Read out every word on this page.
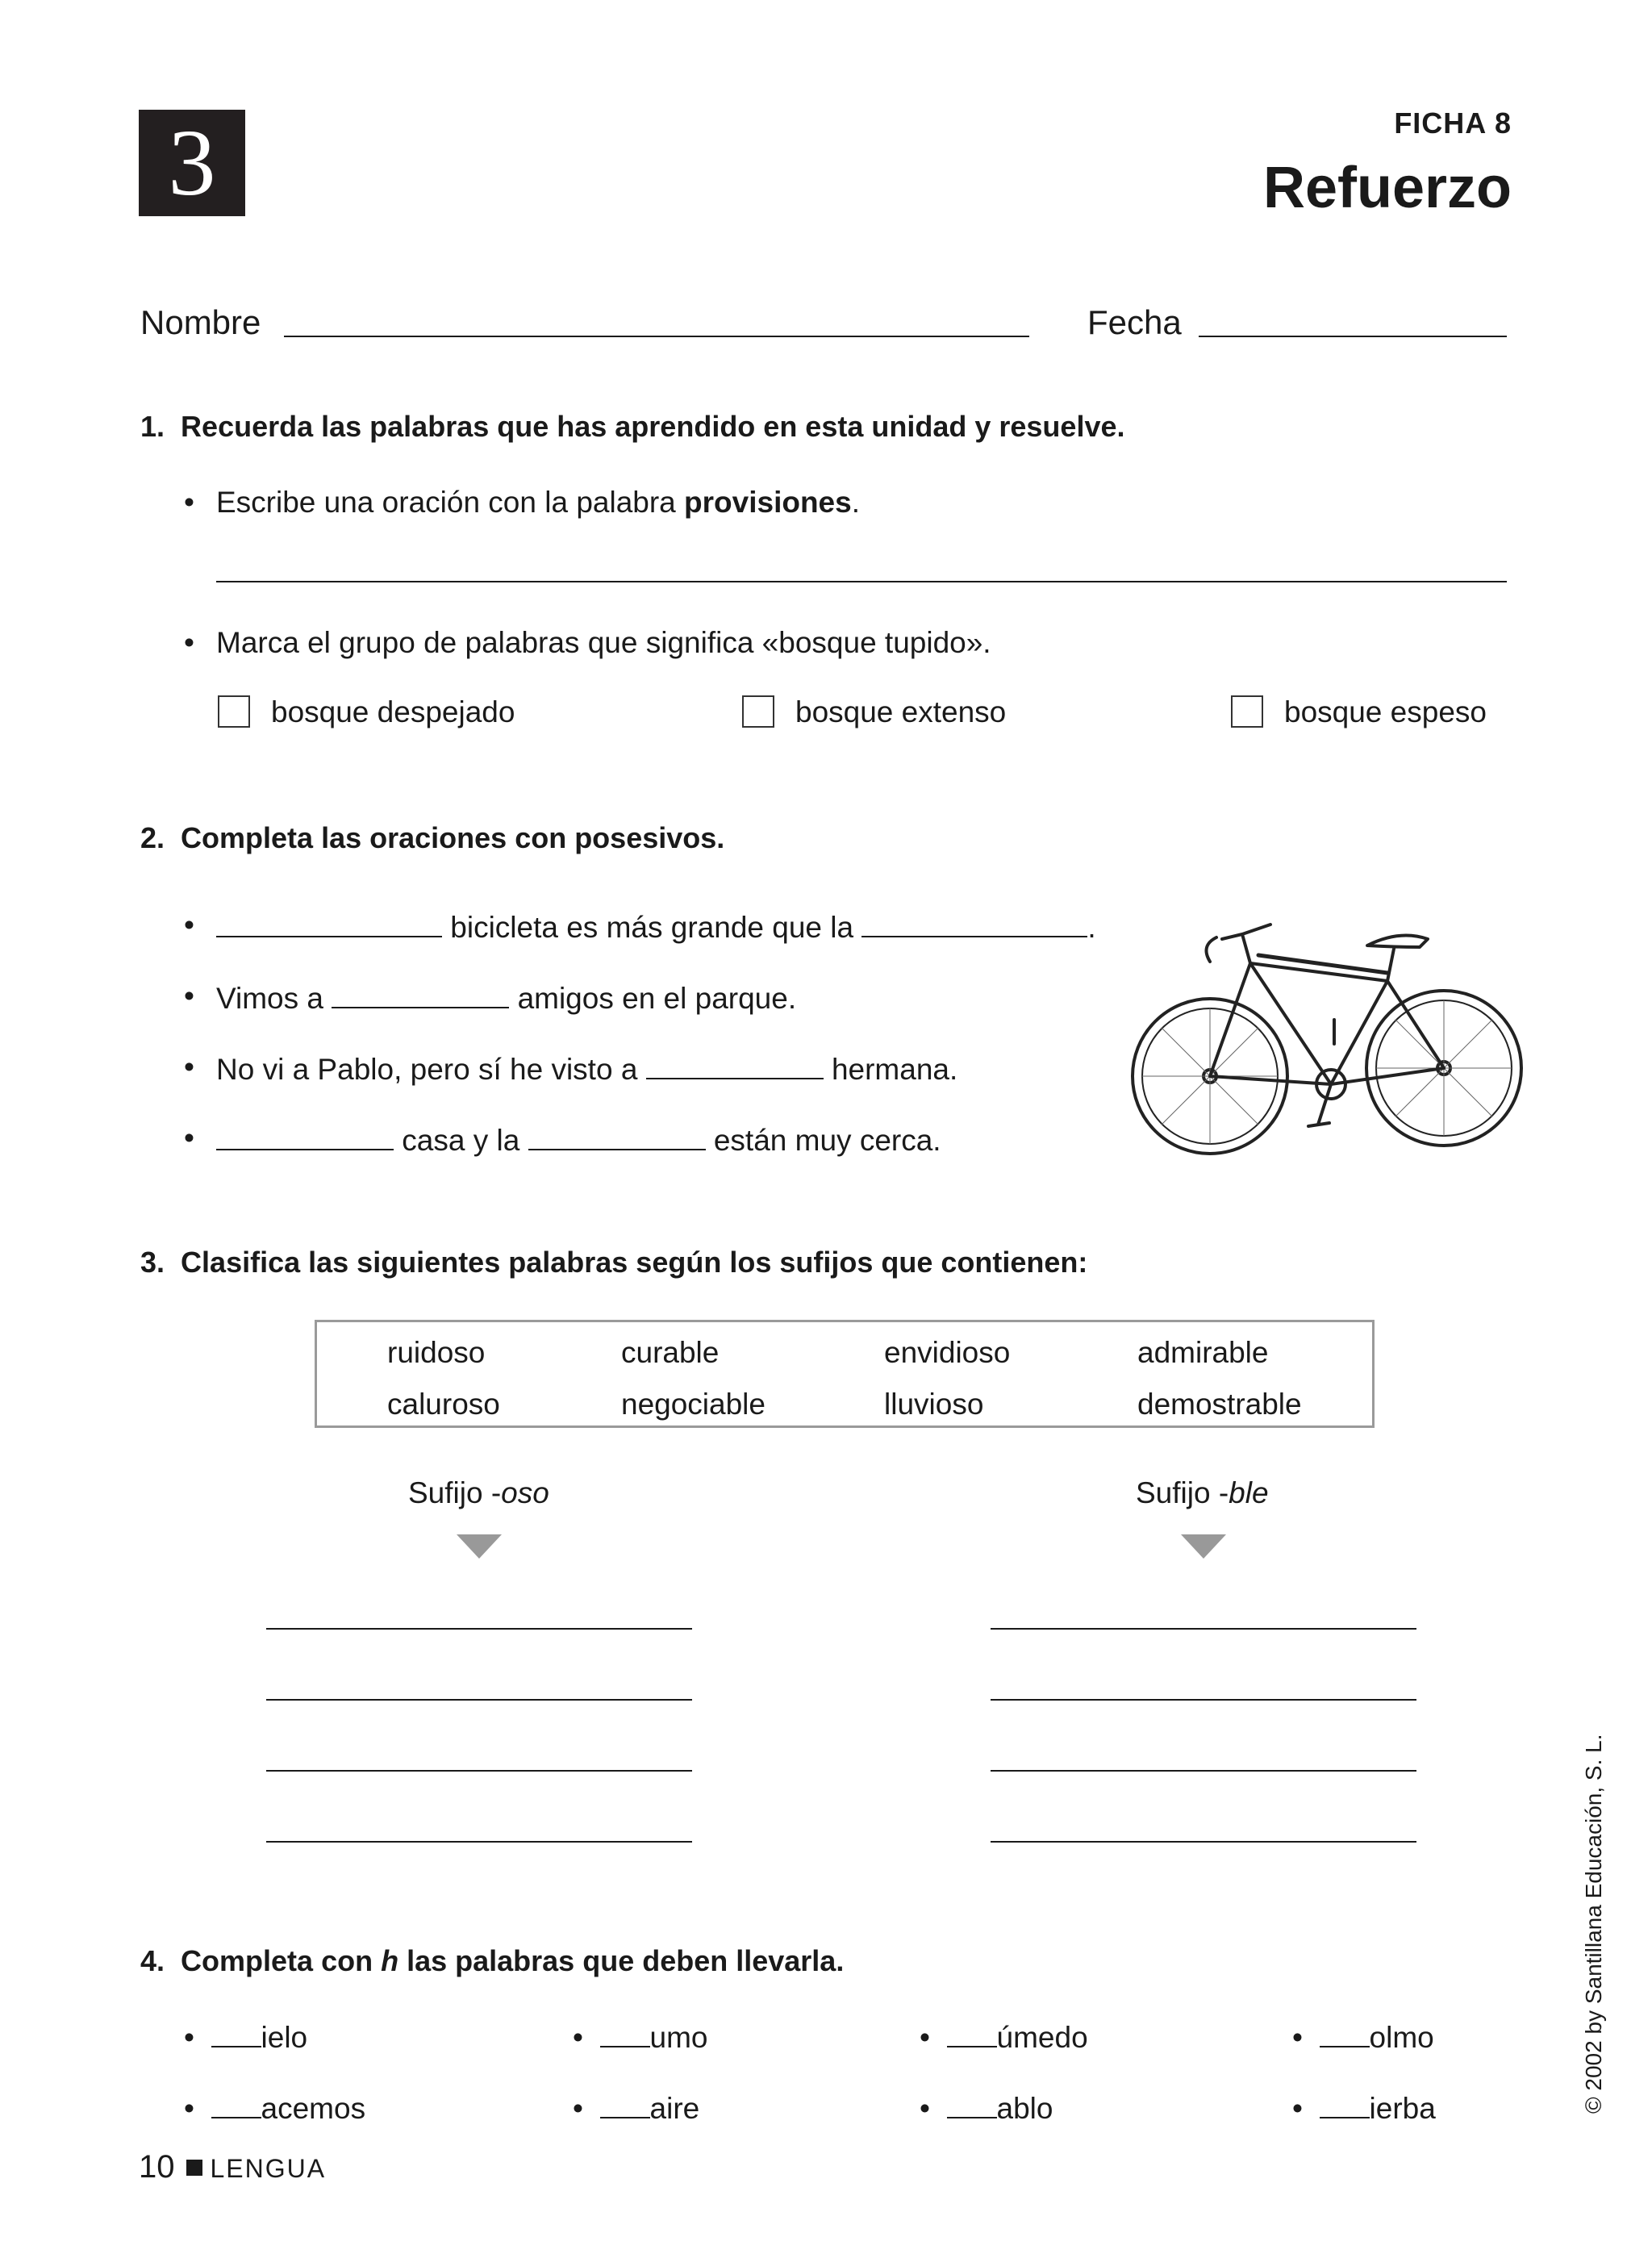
3	FICHA 8
Refuerzo
Nombre	Fecha
1. Recuerda las palabras que has aprendido en esta unidad y resuelve.
• Escribe una oración con la palabra provisiones.
• Marca el grupo de palabras que significa «bosque tupido».
bosque despejado	bosque extenso	bosque espeso
2. Completa las oraciones con posesivos.
•	bicicleta es más grande que la	.
• Vimos a	amigos en el parque.
• No vi a Pablo, pero sí he visto a	hermana.
•	casa y la	están muy cerca.
3. Clasifica las siguientes palabras según los sufijos que contienen:
ruidoso	curable	envidioso	admirable
caluroso	negociable	lluvioso	demostrable
Sufijo -oso	Sufijo -ble
4. Completa con h las palabras que deben llevarla.
•  ielo	•  umo	•  úmedo	•  olmo
•  acemos	•  aire	•  ablo	•  ierba
10 LENGUA
© 2002 by Santillana Educación, S. L.
